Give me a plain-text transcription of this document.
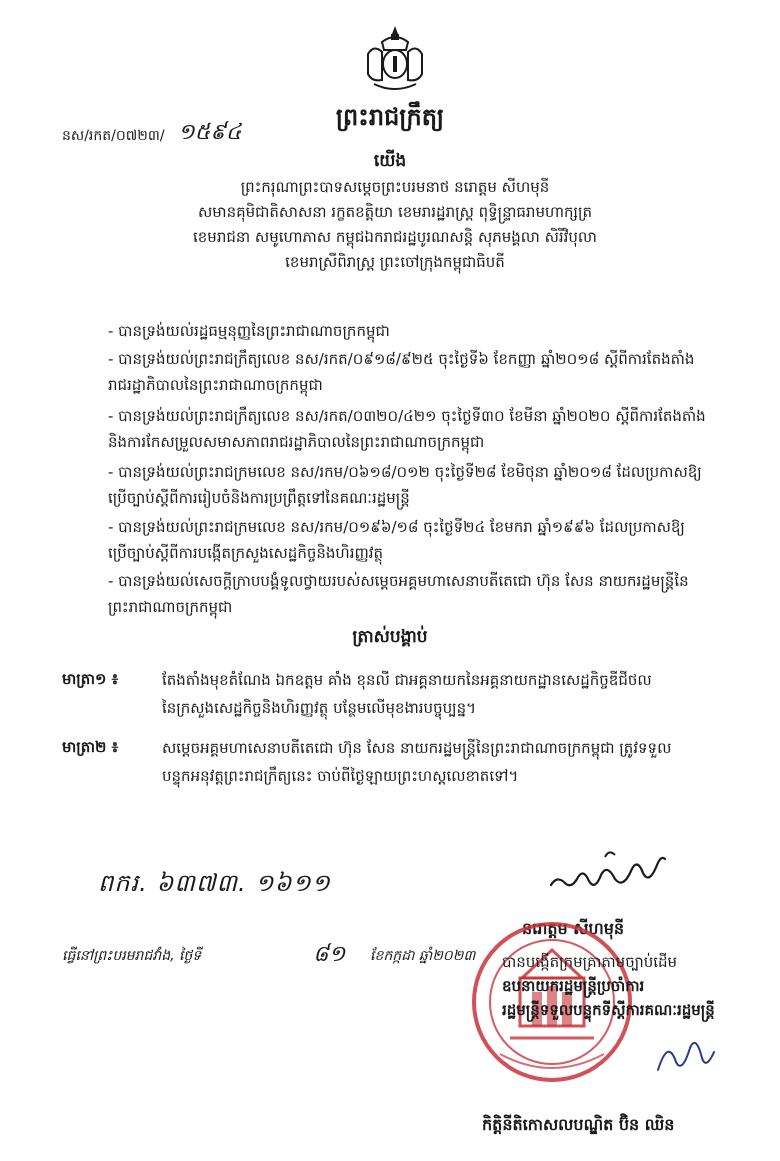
ព្រះរាជក្រឹត្យ
នស/រកត/០៧២៣/ ១៥៩៤
យើង
ព្រះករុណាព្រះបាទសម្តេចព្រះបរមនាថ នរោត្តម សីហមុនី
សមានគុមិជាតិសាសនា រក្ខតខត្តិយា ខេមរារដ្ឋរាស្ត្រ ពុទ្ធិន្ទ្រាធរាមហាក្សត្រ
ខេមរាជនា សមូហោភាស កម្ពុជឯករាជរដ្ឋបូរណសន្តិ សុភមង្គលា សិរីវិបុលា
ខេមរាស្រីពិរាស្ត្រ ព្រះចៅក្រុងកម្ពុជាធិបតី
- បានទ្រង់យល់រដ្ឋធម្មនុញ្ញនៃព្រះរាជាណាចក្រកម្ពុជា
- បានទ្រង់យល់ព្រះរាជក្រឹត្យលេខ នស/រកត/០៩១៨/៩២៥ ចុះថ្ងៃទី៦ ខែកញ្ញា ឆ្នាំ២០១៨ ស្តីពីការតែងតាំង
រាជរដ្ឋាភិបាលនៃព្រះរាជាណាចក្រកម្ពុជា
- បានទ្រង់យល់ព្រះរាជក្រឹត្យលេខ នស/រកត/០៣២០/៤២១ ចុះថ្ងៃទី៣០ ខែមីនា ឆ្នាំ២០២០ ស្តីពីការតែងតាំង
និងការកែសម្រួលសមាសភាពរាជរដ្ឋាភិបាលនៃព្រះរាជាណាចក្រកម្ពុជា
- បានទ្រង់យល់ព្រះរាជក្រមលេខ នស/រកម/០៦១៨/០១២ ចុះថ្ងៃទី២៨ ខែមិថុនា ឆ្នាំ២០១៨ ដែលប្រកាសឱ្យ
ប្រើច្បាប់ស្តីពីការរៀបចំនិងការប្រព្រឹត្តទៅនៃគណៈរដ្ឋមន្ត្រី
- បានទ្រង់យល់ព្រះរាជក្រមលេខ នស/រកម/០១៩៦/១៨ ចុះថ្ងៃទី២៤ ខែមករា ឆ្នាំ១៩៩៦ ដែលប្រកាសឱ្យ
ប្រើច្បាប់ស្តីពីការបង្កើតក្រសួងសេដ្ឋកិច្ចនិងហិរញ្ញវត្ថុ
- បានទ្រង់យល់សេចក្តីក្រាបបង្គំទូលថ្វាយរបស់សម្តេចអគ្គមហាសេនាបតីតេជោ ហ៊ុន សែន នាយករដ្ឋមន្ត្រីនៃ
ព្រះរាជាណាចក្រកម្ពុជា
ត្រាស់បង្គាប់
មាត្រា១ ៖	តែងតាំងមុខតំណែង ឯកឧត្តម គាំង ខុនលី ជាអគ្គនាយកនៃអគ្គនាយកដ្ឋានសេដ្ឋកិច្ចឌីជីថល
នៃក្រសួងសេដ្ឋកិច្ចនិងហិរញ្ញវត្ថុ បន្ថែមលើមុខងារបច្ចុប្បន្ន។
មាត្រា២ ៖	សម្តេចអគ្គមហាសេនាបតីតេជោ ហ៊ុន សែន នាយករដ្ឋមន្ត្រីនៃព្រះរាជាណាចក្រកម្ពុជា ត្រូវទទួល
បន្ទុកអនុវត្តព្រះរាជក្រឹត្យនេះ ចាប់ពីថ្ងៃឡាយព្រះហស្តលេខាតទៅ។
ពករ. ៦៣៧៣. ១៦១១
នរោត្តម សីហមុនី
ធ្វើនៅព្រះបរមរាជវាំង, ថ្ងៃទី	៨១ ខែកក្កដា ឆ្នាំ២០២៣ បានបង្កើតក្រមគ្រាតាមច្បាប់ដើម
ឧបនាយករដ្ឋមន្ត្រីប្រចាំការ
រដ្ឋមន្ត្រីទទួលបន្ទុកទីស្តីការគណៈរដ្ឋមន្ត្រី
កិត្តិនីតិកោសលបណ្ឌិត ប៊ិន ឈិន
